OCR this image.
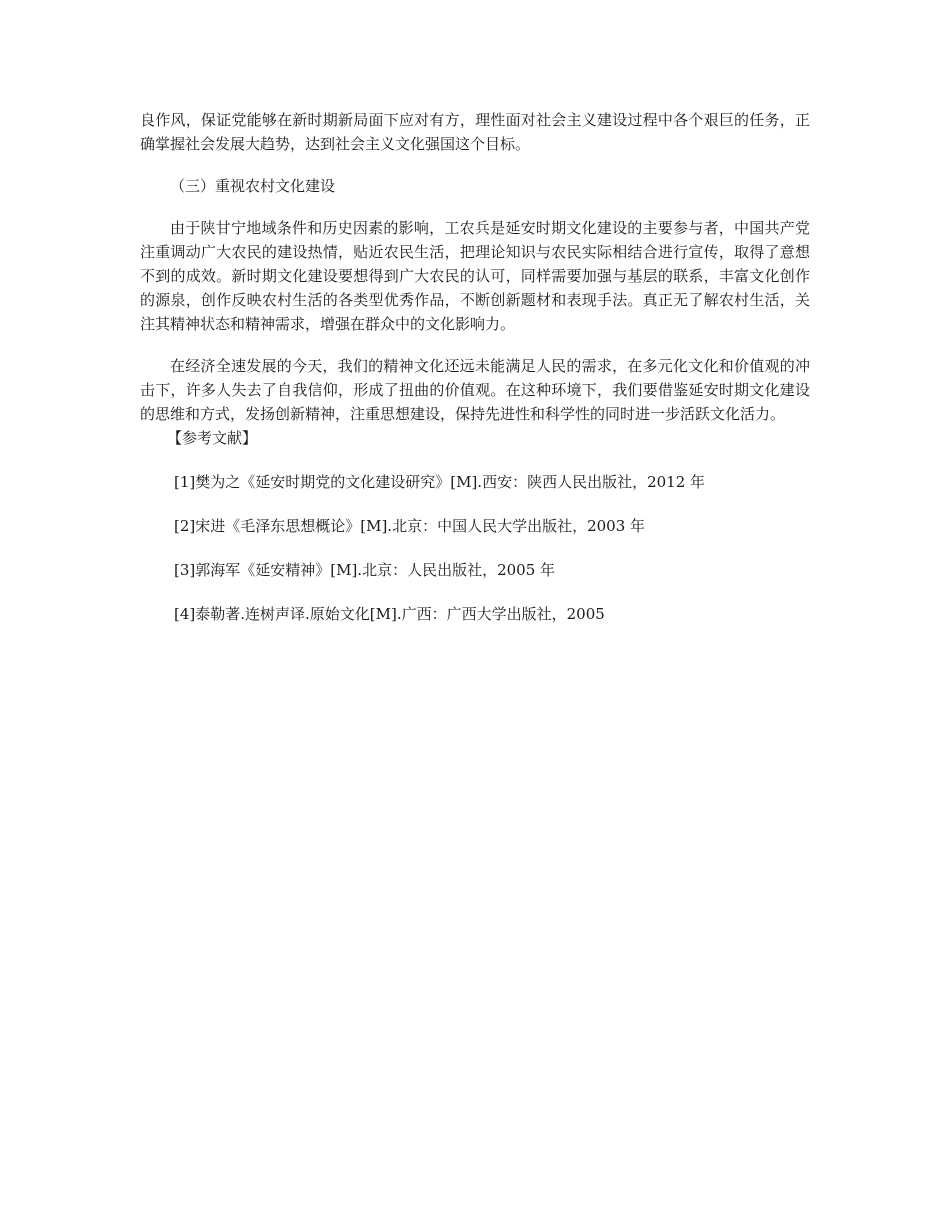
良作风，保证党能够在新时期新局面下应对有方，理性面对社会主义建设过程中各个艰巨的任务，正确掌握社会发展大趋势，达到社会主义文化强国这个目标。

（三）重视农村文化建设

由于陕甘宁地域条件和历史因素的影响，工农兵是延安时期文化建设的主要参与者，中国共产党注重调动广大农民的建设热情，贴近农民生活，把理论知识与农民实际相结合进行宣传，取得了意想不到的成效。新时期文化建设要想得到广大农民的认可，同样需要加强与基层的联系，丰富文化创作的源泉，创作反映农村生活的各类型优秀作品，不断创新题材和表现手法。真正无了解农村生活，关注其精神状态和精神需求，增强在群众中的文化影响力。

在经济全速发展的今天，我们的精神文化还远未能满足人民的需求，在多元化文化和价值观的冲击下，许多人失去了自我信仰，形成了扭曲的价值观。在这种环境下，我们要借鉴延安时期文化建设的思维和方式，发扬创新精神，注重思想建设，保持先进性和科学性的同时进一步活跃文化活力。

【参考文献】

[1]樊为之《延安时期党的文化建设研究》[M].西安：陕西人民出版社，2012 年

[2]宋进《毛泽东思想概论》[M].北京：中国人民大学出版社，2003 年

[3]郭海军《延安精神》[M].北京：人民出版社，2005 年

[4]泰勒著.连树声译.原始文化[M].广西：广西大学出版社，2005
